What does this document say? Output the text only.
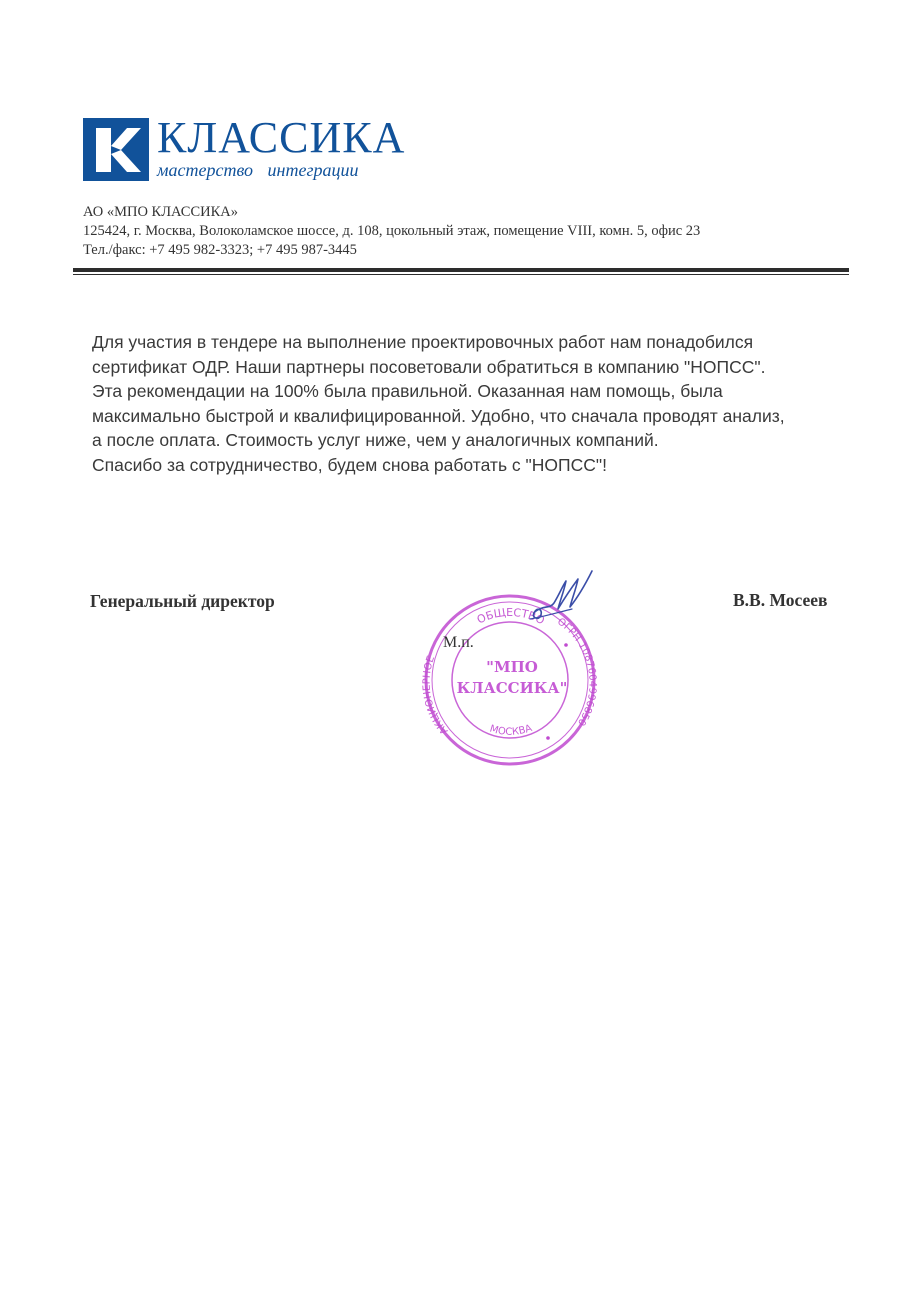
КЛАССИКА
мастерство интеграции
АО «МПО КЛАССИКА»
125424, г. Москва, Волоколамское шоссе, д. 108, цокольный этаж, помещение VIII, комн. 5, офис 23
Тел./факс: +7 495 982-3323; +7 495 987-3445

Для участия в тендере на выполнение проектировочных работ нам понадобился сертификат ОДР. Наши партнеры посоветовали обратиться в компанию "НОПСС". Эта рекомендации на 100% была правильной. Оказанная нам помощь, была максимально быстрой и квалифицированной. Удобно, что сначала проводят анализ, а после оплата. Стоимость услуг ниже, чем у аналогичных компаний.

Спасибо за сотрудничество, будем снова работать с "НОПСС"!

Генеральный директор	В.В. Мосеев
М.п.
ОБЩЕСТВО ОГРН 1087604996850
АКЦИОНЕРНОЕ
МОСКВА
"МПО
КЛАССИКА"
